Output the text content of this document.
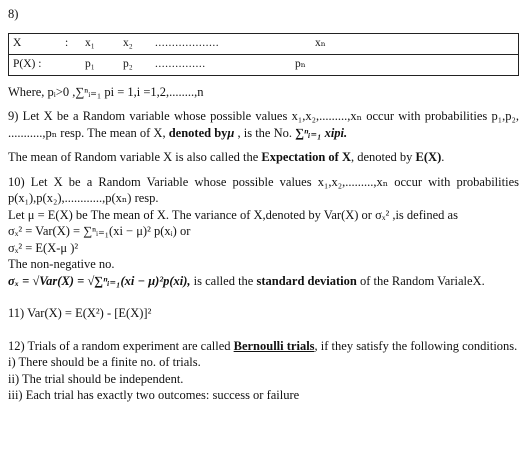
8)
X	:	x₁	x₂	...................	xₙ

P(X) :	p₁	p₂	...............	pₙ
Where, pᵢ>0 ,∑ⁿᵢ₌₁ pi = 1,i =1,2,........,n
9) Let X be a Random variable whose possible values x₁,x₂,.........,xₙ occur with probabilities p₁,p₂, ...........,pₙ resp. The mean of X, denoted byμ , is the No. ∑ⁿᵢ₌₁ xipi.
The mean of Random variable X is also called the Expectation of X, denoted by E(X).
10) Let X be a Random Variable whose possible values x₁,x₂,.........,xₙ occur with probabilities p(x₁),p(x₂),............,p(xₙ) resp.
Let μ = E(X) be The mean of X. The variance of X,denoted by Var(X) or σₓ² ,is defined as
σₓ² = Var(X) = ∑ⁿᵢ₌₁(xi − μ)² p(xᵢ) or
σₓ² = E(X-μ )²
The non-negative no.
σₓ = √Var(X) = √∑ⁿᵢ₌₁(xi − μ)²p(xi), is called the standard deviation of the Random VarialeX.
11) Var(X) = E(X²) - [E(X)]²
12) Trials of a random experiment are called Bernoulli trials, if they satisfy the following conditions.
i) There should be a finite no. of trials.
ii) The trial should be independent.
iii) Each trial has exactly two outcomes: success or failure
